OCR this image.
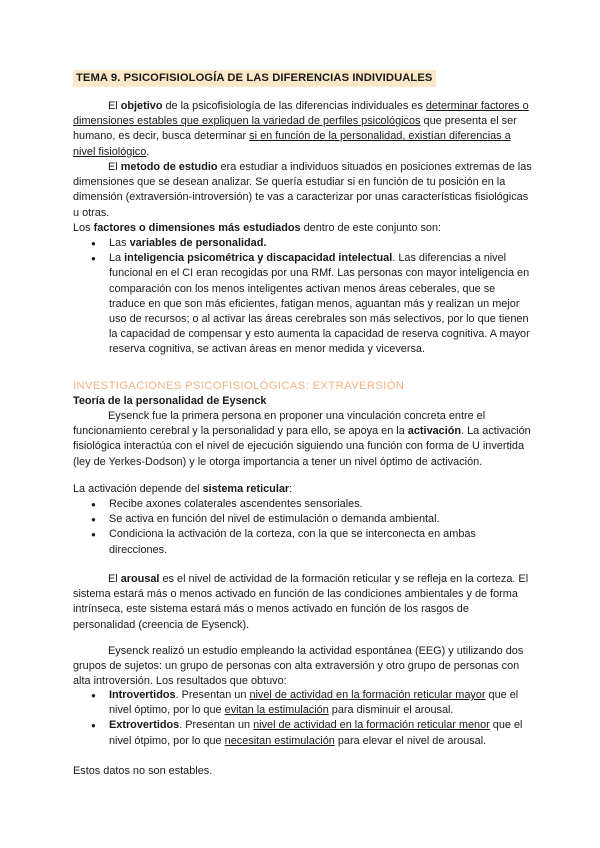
TEMA 9. PSICOFISIOLOGÍA DE LAS DIFERENCIAS INDIVIDUALES

El objetivo de la psicofisiología de las diferencias individuales es determinar factores o dimensiones estables que expliquen la variedad de perfiles psicológicos que presenta el ser humano, es decir, busca determinar si en función de la personalidad, existían diferencias a nivel fisiológico.

El metodo de estudio era estudiar a individuos situados en posiciones extremas de las dimensiones que se desean analizar. Se quería estudiar si en función de tu posición en la dimensión (extraversión-introversión) te vas a caracterizar por unas características fisiológicas u otras.

Los factores o dimensiones más estudiados dentro de este conjunto son:

● Las variables de personalidad.
● La inteligencia psicométrica y discapacidad intelectual. Las diferencias a nivel funcional en el CI eran recogidas por una RMf. Las personas con mayor inteligencia en comparación con los menos inteligentes activan menos áreas ceberales, que se traduce en que son más eficientes, fatigan menos, aguantan más y realizan un mejor uso de recursos; o al activar las áreas cerebrales son más selectivos, por lo que tienen la capacidad de compensar y esto aumenta la capacidad de reserva cognitiva. A mayor reserva cognitiva, se activan áreas en menor medida y viceversa.

INVESTIGACIONES PSICOFISIOLÓGICAS: EXTRAVERSIÓN

Teoría de la personalidad de Eysenck

Eysenck fue la primera persona en proponer una vinculación concreta entre el funcionamiento cerebral y la personalidad y para ello, se apoya en la activación. La activación fisiológica interactúa con el nivel de ejecución siguiendo una función con forma de U invertida (ley de Yerkes-Dodson) y le otorga importancia a tener un nivel óptimo de activación.

La activación depende del sistema reticular:

● Recibe axones colaterales ascendentes sensoriales.
● Se activa en función del nivel de estimulación o demanda ambiental.
● Condiciona la activación de la corteza, con la que se interconecta en ambas direcciones.

El arousal es el nivel de actividad de la formación reticular y se refleja en la corteza. El sistema estará más o menos activado en función de las condiciones ambientales y de forma intrínseca, este sistema estará más o menos activado en función de los rasgos de personalidad (creencia de Eysenck).

Eysenck realizó un estudio empleando la actividad espontánea (EEG) y utilizando dos grupos de sujetos: un grupo de personas con alta extraversión y otro grupo de personas con alta introversión. Los resultados que obtuvo:

● Introvertidos. Presentan un nivel de actividad en la formación reticular mayor que el nivel óptimo, por lo que evitan la estimulación para disminuir el arousal.
● Extrovertidos. Presentan un nivel de actividad en la formación reticular menor que el nivel ótpimo, por lo que necesitan estimulación para elevar el nivel de arousal.

Estos datos no son estables.
